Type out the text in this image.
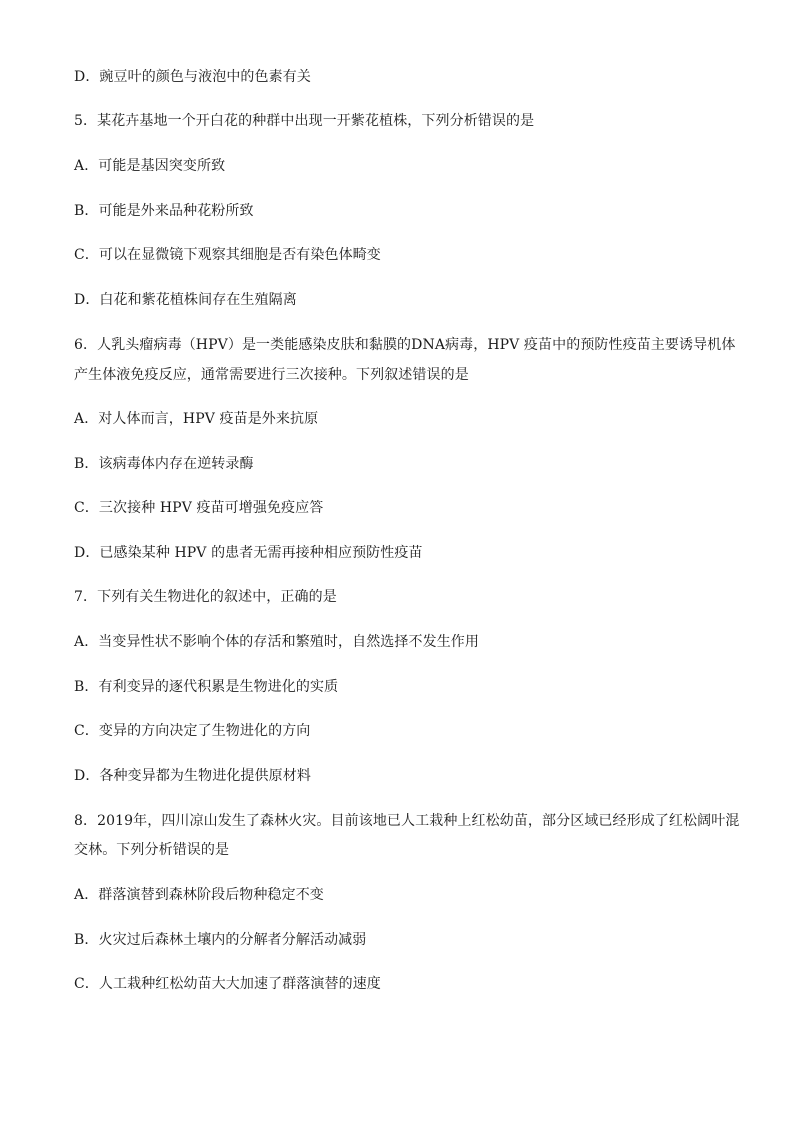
D．豌豆叶的颜色与液泡中的色素有关
5．某花卉基地一个开白花的种群中出现一开紫花植株，下列分析错误的是
A．可能是基因突变所致
B．可能是外来品种花粉所致
C．可以在显微镜下观察其细胞是否有染色体畸变
D．白花和紫花植株间存在生殖隔离
6．人乳头瘤病毒（HPV）是一类能感染皮肤和黏膜的DNA病毒，HPV 疫苗中的预防性疫苗主要诱导机体
产生体液免疫反应，通常需要进行三次接种。下列叙述错误的是
A．对人体而言，HPV 疫苗是外来抗原
B．该病毒体内存在逆转录酶
C．三次接种 HPV 疫苗可增强免疫应答
D．已感染某种 HPV 的患者无需再接种相应预防性疫苗
7．下列有关生物进化的叙述中，正确的是
A．当变异性状不影响个体的存活和繁殖时，自然选择不发生作用
B．有利变异的逐代积累是生物进化的实质
C．变异的方向决定了生物进化的方向
D．各种变异都为生物进化提供原材料
8．2019年，四川凉山发生了森林火灾。目前该地已人工栽种上红松幼苗，部分区域已经形成了红松阔叶混
交林。下列分析错误的是
A．群落演替到森林阶段后物种稳定不变
B．火灾过后森林土壤内的分解者分解活动减弱
C．人工栽种红松幼苗大大加速了群落演替的速度
